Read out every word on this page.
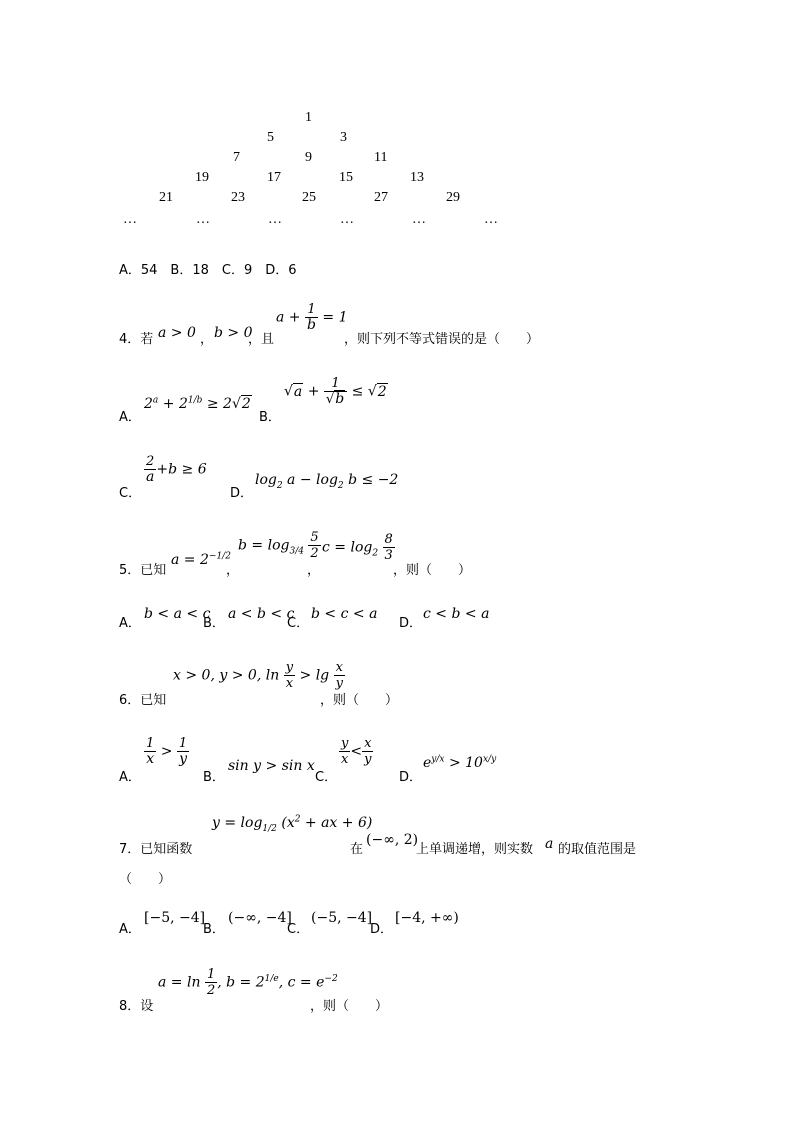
1
5	3
7	9	11
19	17	15	13
21	23	25	27	29
…	…	…	…	…	…
A．54　B．18　C．9　D．6
4．若 a > 0 ， b > 0
，且
$a + \frac{1}{b} = 1$
，则下列不等式错误的是（　　）
A．
$2^a + 2^{1/b} \ge 2√2$
B．
$√a + \frac{1}{√b} \le √2$
C．
$\frac{2}{a} +b \ge 6$
D．
$\log_2 a - \log_2 b \le -2$
5．已知
$a = 2^{-1/2}$
，
$b = \log_{3/4} \frac{5}{2}$
，
$c = \log_2 \frac{8}{3}$
，则（　　）
A．
b < a < c
B．
a < b < c
C．
b < c < a
D．
c < b < a
6．已知
x > 0, y > 0, $\ln \frac{y}{x} > \lg \frac{x}{y}$
，则（　　）
A．
$\frac{1}{x} > \frac{1}{y}$
B．
sin y > sin x
C．
$\frac{y}{x} < \frac{x}{y}$
D．
$e^{y/x} > 10^{x/y}$
7．已知函数
$y = \log_{1/2} (x^2$ + ax + 6)
在
(−∞, 2)
上单调递增，则实数 a 的取值范围是
（　　）
A．
[−5, −4]
B．
(−∞, −4]
C．
(−5, −4]
D．
[−4, +∞)
8．设
$a = \ln \frac{1}{2}$ , $b = 2^{1/e}$, $c = e^{-2}$
，则（　　）
